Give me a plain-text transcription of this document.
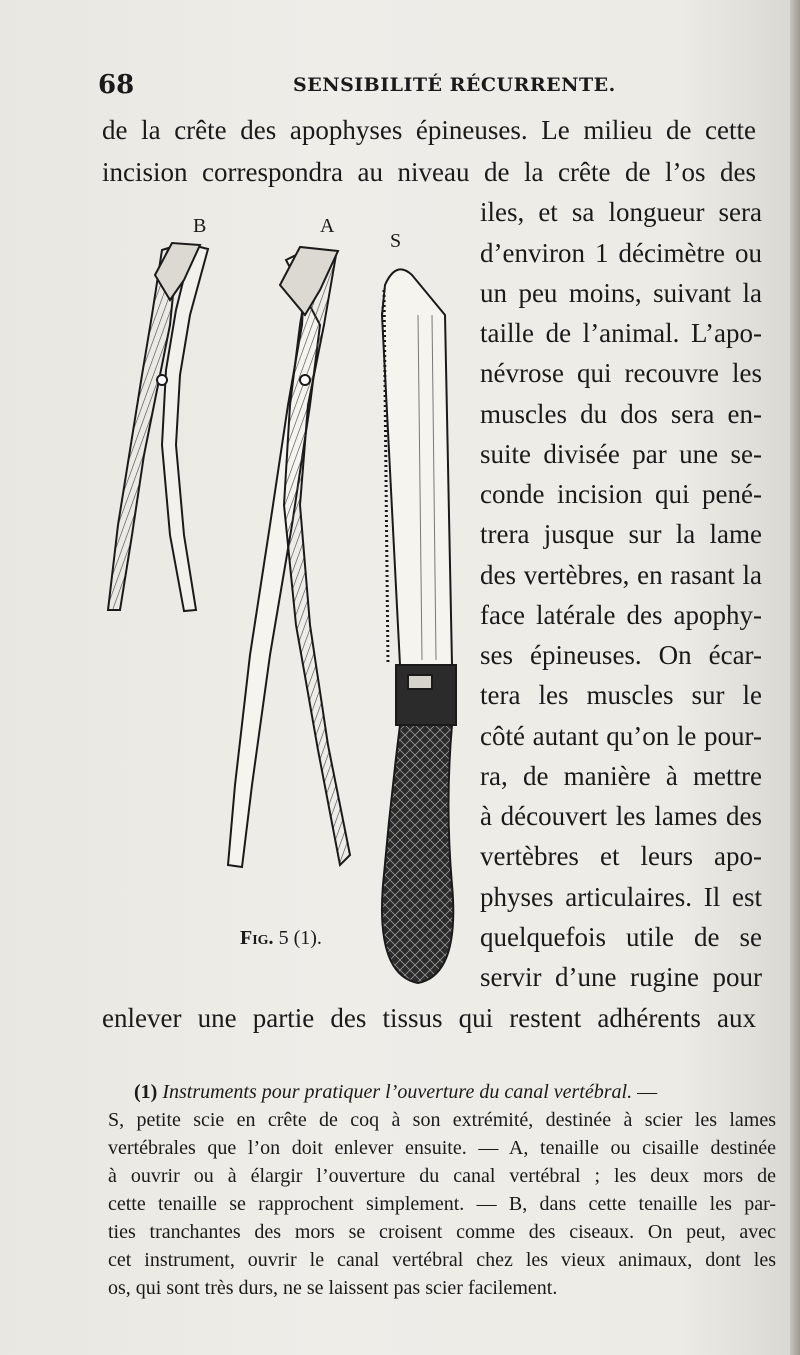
68	SENSIBILITÉ RÉCURRENTE.
de la crête des apophyses épineuses. Le milieu de cette
incision correspondra au niveau de la crête de l’os des
iles, et sa longueur sera
d’environ 1 décimètre ou
un peu moins, suivant la
taille de l’animal. L’apo-
névrose qui recouvre les
muscles du dos sera en-
suite divisée par une se-
conde incision qui pené-
trera jusque sur la lame
des vertèbres, en rasant la
face latérale des apophy-
ses épineuses. On écar-
tera les muscles sur le
côté autant qu’on le pour-
ra, de manière à mettre
à découvert les lames des
vertèbres et leurs apo-
physes articulaires. Il est
quelquefois utile de se
servir d’une rugine pour
enlever une partie des tissus qui restent adhérents aux
B	A
S
Fig. 5 (1).
(1) Instruments pour pratiquer l’ouverture du canal vertébral. —
S, petite scie en crête de coq à son extrémité, destinée à scier les lames
vertébrales que l’on doit enlever ensuite. — A, tenaille ou cisaille destinée
à ouvrir ou à élargir l’ouverture du canal vertébral ; les deux mors de
cette tenaille se rapprochent simplement. — B, dans cette tenaille les par-
ties tranchantes des mors se croisent comme des ciseaux. On peut, avec
cet instrument, ouvrir le canal vertébral chez les vieux animaux, dont les
os, qui sont très durs, ne se laissent pas scier facilement.
